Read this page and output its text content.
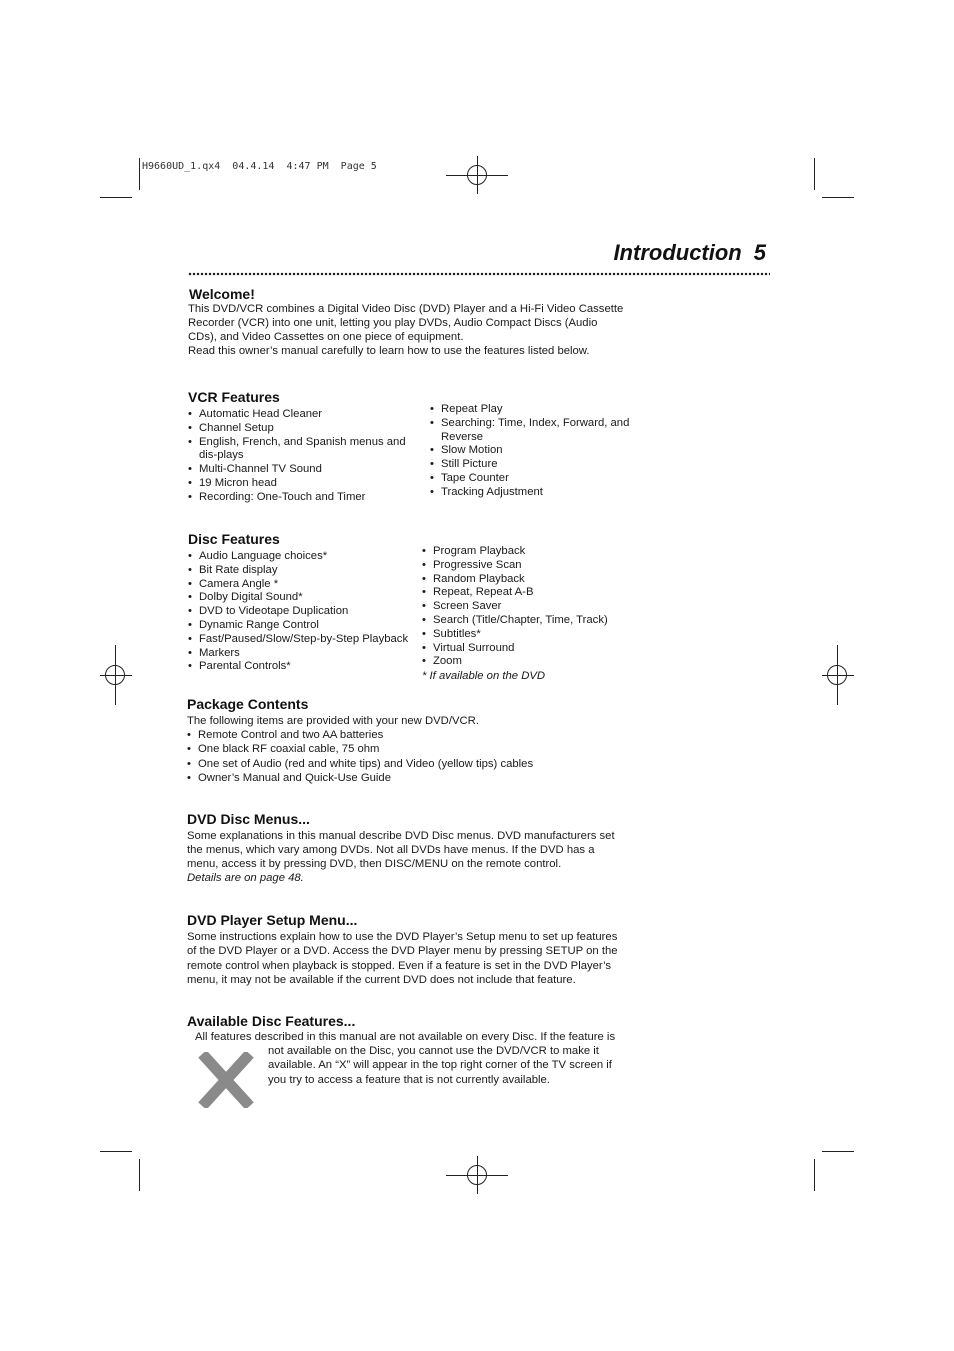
H9660UD_1.qx4  04.4.14  4:47 PM  Page 5
Introduction 5
Welcome!

This DVD/VCR combines a Digital Video Disc (DVD) Player and a Hi-Fi Video Cassette
Recorder (VCR) into one unit, letting you play DVDs, Audio Compact Discs (Audio
CDs), and Video Cassettes on one piece of equipment.
Read this owner’s manual carefully to learn how to use the features listed below.

VCR Features
• Automatic Head Cleaner
• Channel Setup
• English, French, and Spanish menus and dis-plays
• Multi-Channel TV Sound
• 19 Micron head
• Recording: One-Touch and Timer
• Repeat Play
• Searching: Time, Index, Forward, and Reverse
• Slow Motion
• Still Picture
• Tape Counter
• Tracking Adjustment
Disc Features
• Audio Language choices*
• Bit Rate display
• Camera Angle *
• Dolby Digital Sound*
• DVD to Videotape Duplication
• Dynamic Range Control
• Fast/Paused/Slow/Step-by-Step Playback
• Markers
• Parental Controls*
• Program Playback
• Progressive Scan
• Random Playback
• Repeat, Repeat A-B
• Screen Saver
• Search (Title/Chapter, Time, Track)
• Subtitles*
• Virtual Surround
• Zoom

* If available on the DVD

Package Contents

The following items are provided with your new DVD/VCR.

• Remote Control and two AA batteries
• One black RF coaxial cable, 75 ohm
• One set of Audio (red and white tips) and Video (yellow tips) cables
• Owner’s Manual and Quick-Use Guide
DVD Disc Menus...

Some explanations in this manual describe DVD Disc menus. DVD manufacturers set
the menus, which vary among DVDs. Not all DVDs have menus. If the DVD has a
menu, access it by pressing DVD, then DISC/MENU on the remote control.
Details are on page 48.

DVD Player Setup Menu...

Some instructions explain how to use the DVD Player’s Setup menu to set up features
of the DVD Player or a DVD. Access the DVD Player menu by pressing SETUP on the
remote control when playback is stopped. Even if a feature is set in the DVD Player’s
menu, it may not be available if the current DVD does not include that feature.

Available Disc Features...

All features described in this manual are not available on every Disc. If the feature is

not available on the Disc, you cannot use the DVD/VCR to make it
available. An “X” will appear in the top right corner of the TV screen if
you try to access a feature that is not currently available.
